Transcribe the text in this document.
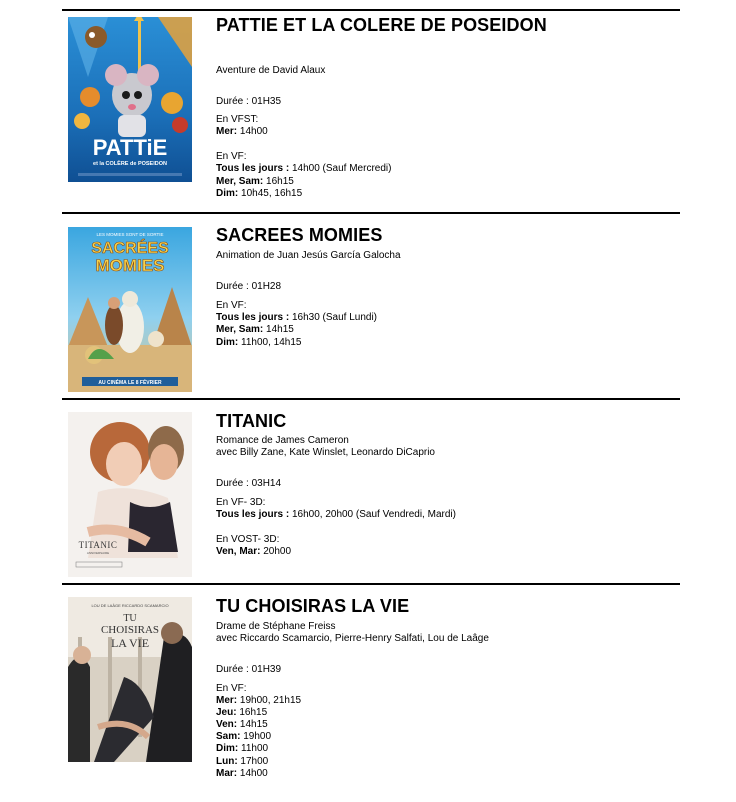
PATTiE
et la COLÈRE de POSEIDON
PATTIE ET LA COLERE DE POSEIDON
Aventure de David Alaux
Durée : 01H35
En VFST:
Mer: 14h00
En VF:
Tous les jours : 14h00 (Sauf Mercredi)
Mer, Sam: 16h15
Dim: 10h45, 16h15
LES MOMIES SONT DE SORTIE
SACRÉES
MOMIES
AU CINÉMA LE 8 FÉVRIER
SACREES MOMIES
Animation de Juan Jesús García Galocha
Durée : 01H28
En VF:
Tous les jours : 16h30 (Sauf Lundi)
Mer, Sam: 14h15
Dim: 11h00, 14h15
TITANIC
ANNIVERSAIRE
TITANIC
Romance de James Cameron
avec Billy Zane, Kate Winslet, Leonardo DiCaprio
Durée : 03H14
En VF- 3D:
Tous les jours : 16h00, 20h00 (Sauf Vendredi, Mardi)
En VOST- 3D:
Ven, Mar: 20h00
LOU DE LAÂGE RICCARDO SCAMARCIO
TU
CHOISIRAS
LA VIE
TU CHOISIRAS LA VIE
Drame de Stéphane Freiss
avec Riccardo Scamarcio, Pierre-Henry Salfati, Lou de Laâge
Durée : 01H39
En VF:
Mer: 19h00, 21h15
Jeu: 16h15
Ven: 14h15
Sam: 19h00
Dim: 11h00
Lun: 17h00
Mar: 14h00
